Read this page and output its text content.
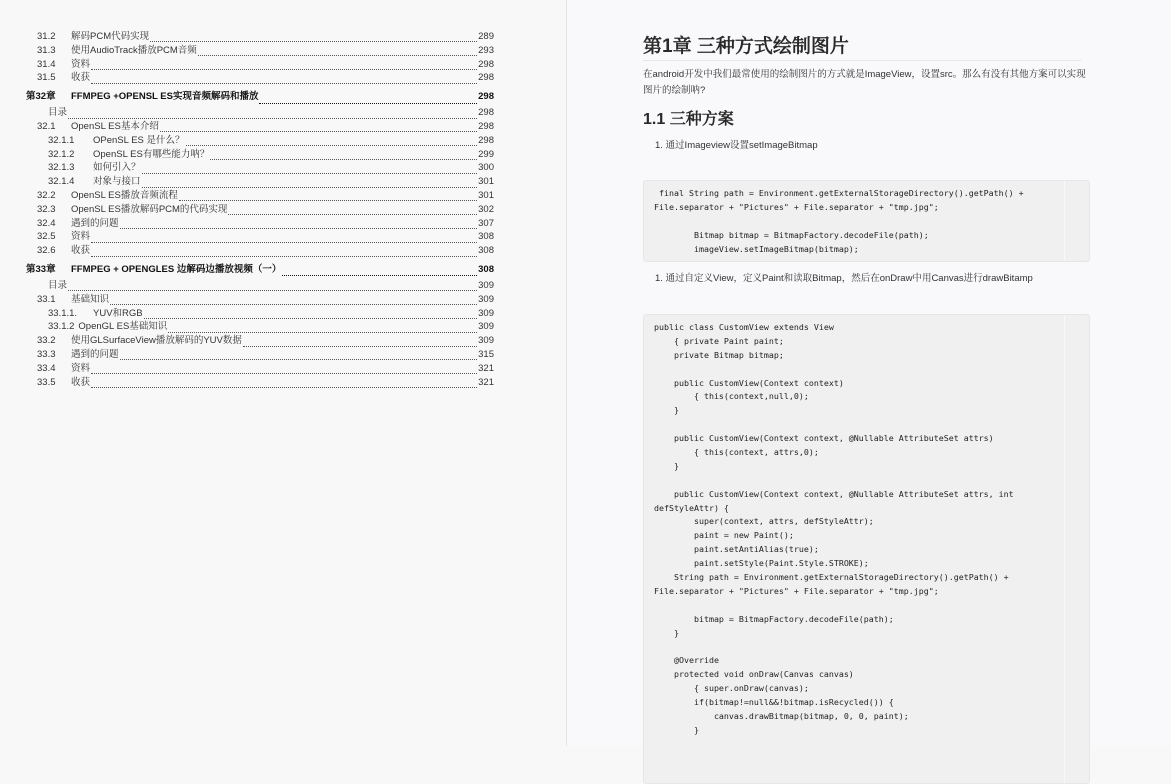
31.2	解码PCM代码实现	289
31.3	使用AudioTrack播放PCM音频	293
31.4	资料	298
31.5	收获	298
第32章	FFMPEG +OPENSL ES实现音频解码和播放	298
目录	298
32.1	OpenSL ES基本介绍	298
32.1.1	OPenSL ES 是什么？	298
32.1.2	OpenSL ES有哪些能力呐？	299
32.1.3	如何引入？	300
32.1.4	对象与接口	301
32.2	OpenSL ES播放音频流程	301
32.3	OpenSL ES播放解码PCM的代码实现	302
32.4	遇到的问题	307
32.5	资料	308
32.6	收获	308
第33章	FFMPEG + OPENGLES 边解码边播放视频（一）	308
目录	309
33.1	基础知识	309
33.1.1.	YUV和RGB	309
33.1.2 OpenGL ES基础知识	309
33.2	使用GLSurfaceView播放解码的YUV数据	309
33.3	遇到的问题	315
33.4	资料	321
33.5	收获	321
第1章 三种方式绘制图片
在android开发中我们最常使用的绘制图片的方式就是ImageView，设置src。那么有没有其他方案可以实现图片的绘制呐?
1.1 三种方案
1. 通过Imageview设置setImageBitmap
final String path = Environment.getExternalStorageDirectory().getPath() +
File.separator + "Pictures" + File.separator + "tmp.jpg";
Bitmap bitmap = BitmapFactory.decodeFile(path);
imageView.setImageBitmap(bitmap);
1. 通过自定义View，定义Paint和读取Bitmap，然后在onDraw中用Canvas进行drawBitamp
public class CustomView extends View
{ private Paint paint;
private Bitmap bitmap;
public CustomView(Context context)
{ this(context,null,0);
}
public CustomView(Context context, @Nullable AttributeSet attrs)
{ this(context, attrs,0);
}
public CustomView(Context context, @Nullable AttributeSet attrs, int
defStyleAttr) {
super(context, attrs, defStyleAttr);
paint = new Paint();
paint.setAntiAlias(true);
paint.setStyle(Paint.Style.STROKE);
String path = Environment.getExternalStorageDirectory().getPath() +
File.separator + "Pictures" + File.separator + "tmp.jpg";
bitmap = BitmapFactory.decodeFile(path);
}
@Override
protected void onDraw(Canvas canvas)
{ super.onDraw(canvas);
if(bitmap!=null&&!bitmap.isRecycled()) {
canvas.drawBitmap(bitmap, 0, 0, paint);
}
